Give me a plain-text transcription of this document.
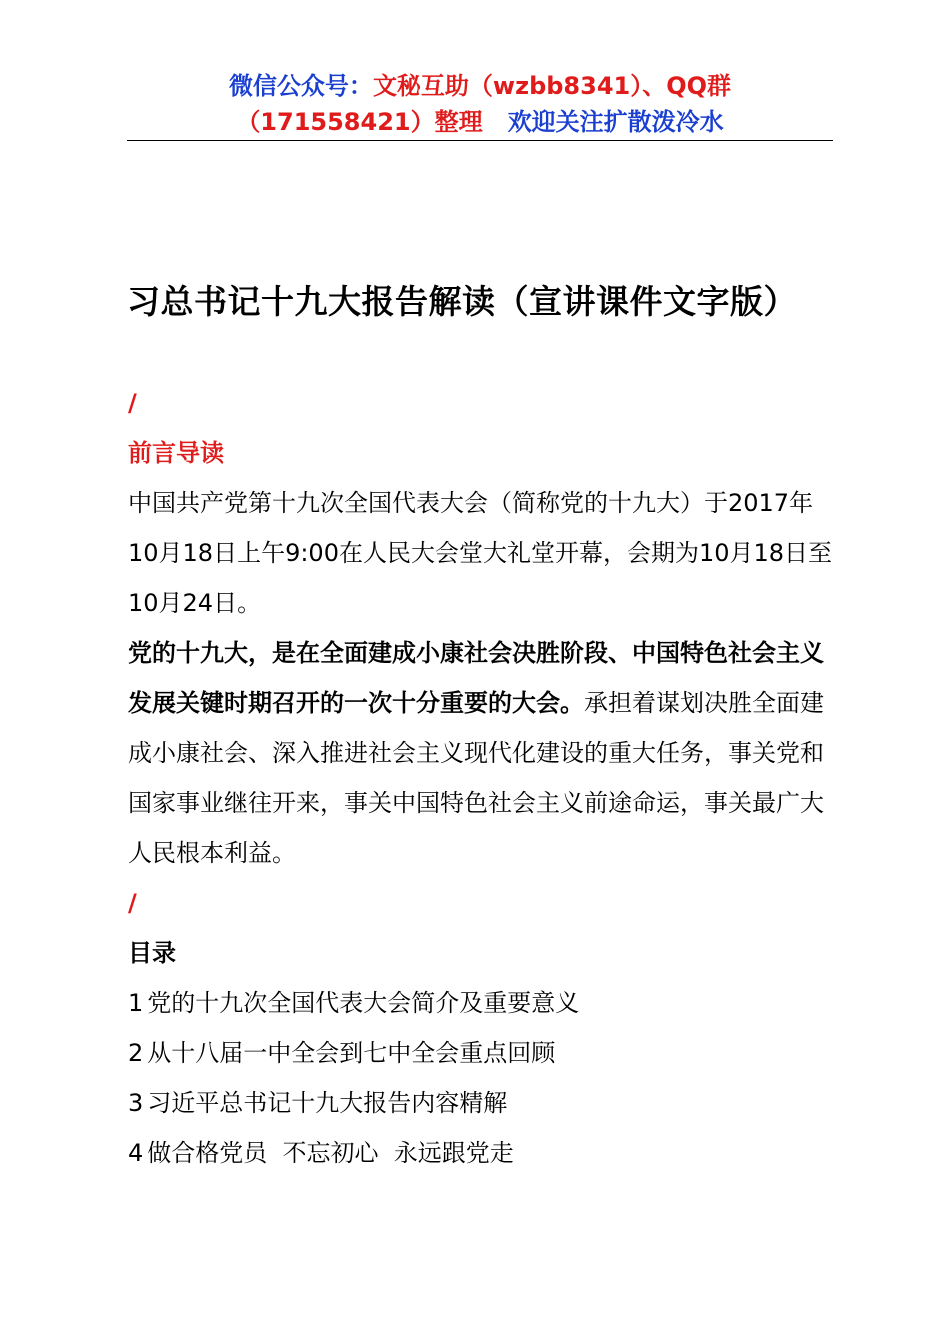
微信公众号：文秘互助（wzbb8341）、QQ群
（171558421）整理 欢迎关注扩散泼冷水
习总书记十九大报告解读（宣讲课件文字版）
/
前言导读

中国共产党第十九次全国代表大会（简称党的十九大）于2017年10月18日上午9:00在人民大会堂大礼堂开幕，会期为10月18日至10月24日。

党的十九大，是在全面建成小康社会决胜阶段、中国特色社会主义发展关键时期召开的一次十分重要的大会。承担着谋划决胜全面建成小康社会、深入推进社会主义现代化建设的重大任务，事关党和国家事业继往开来，事关中国特色社会主义前途命运，事关最广大人民根本利益。

/
目录
1 党的十九次全国代表大会简介及重要意义
2 从十八届一中全会到七中全会重点回顾
3 习近平总书记十九大报告内容精解
4 做合格党员  不忘初心  永远跟党走
